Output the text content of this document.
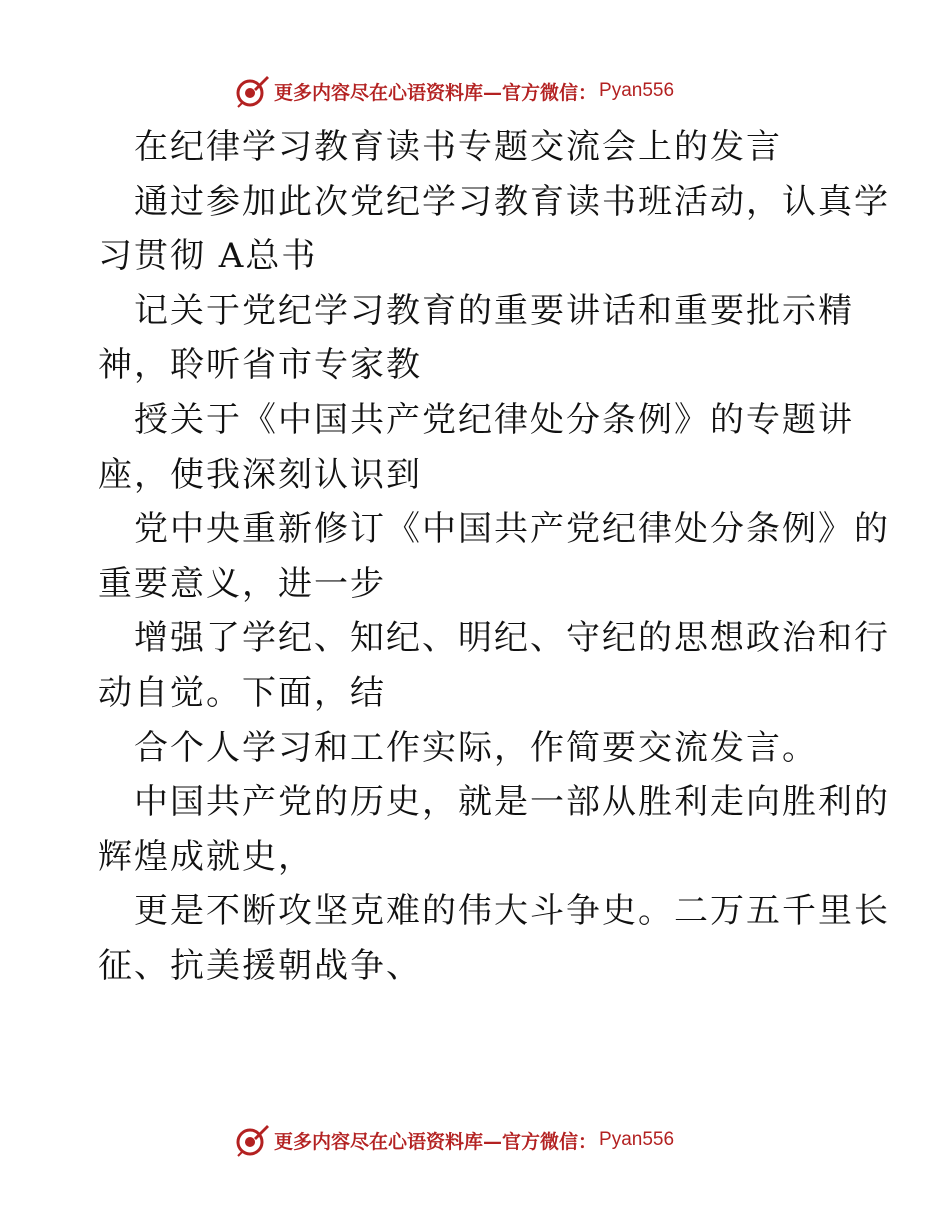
更多内容尽在心语资料库—官方微信： Pyan556

在纪律学习教育读书专题交流会上的发言

通过参加此次党纪学习教育读书班活动，认真学

习贯彻 A总书

记关于党纪学习教育的重要讲话和重要批示精

神，聆听省市专家教

授关于《中国共产党纪律处分条例》的专题讲

座，使我深刻认识到

党中央重新修订《中国共产党纪律处分条例》的

重要意义，进一步

增强了学纪、知纪、明纪、守纪的思想政治和行

动自觉。下面，结

合个人学习和工作实际，作简要交流发言。

中国共产党的历史，就是一部从胜利走向胜利的

辉煌成就史，

更是不断攻坚克难的伟大斗争史。二万五千里长

征、抗美援朝战争、

更多内容尽在心语资料库—官方微信： Pyan556
